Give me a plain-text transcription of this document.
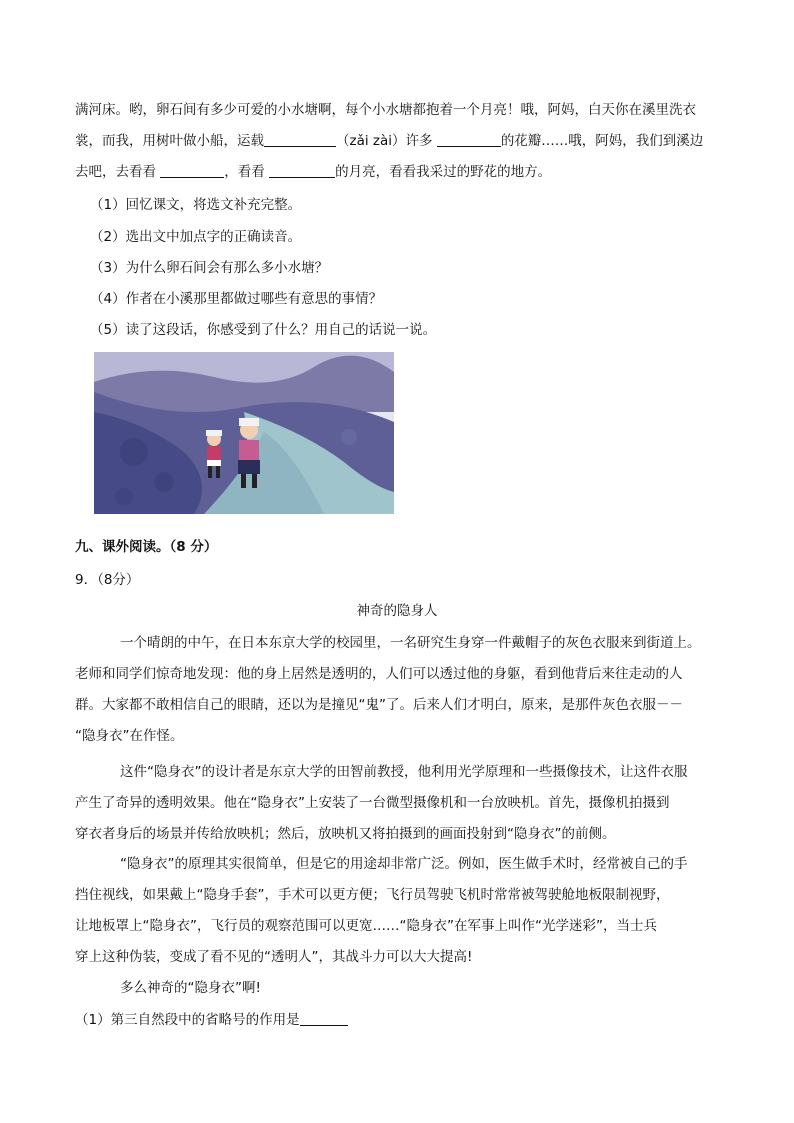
满河床。哟，卵石间有多少可爱的小水塘啊，每个小水塘都抱着一个月亮！哦，阿妈，白天你在溪里洗衣
裳，而我，用树叶做小船，运载	（zǎi zài）许多	的花瓣……哦，阿妈，我们到溪边
去吧，去看看	，看看	的月亮，看看我采过的野花的地方。
（1）回忆课文，将选文补充完整。
（2）选出文中加点字的正确读音。
（3）为什么卵石间会有那么多小水塘？
（4）作者在小溪那里都做过哪些有意思的事情？
（5）读了这段话，你感受到了什么？用自己的话说一说。
九、课外阅读。（8 分）
9．（8分）
神奇的隐身人
一个晴朗的中午，在日本东京大学的校园里，一名研究生身穿一件戴帽子的灰色衣服来到街道上。
老师和同学们惊奇地发现：他的身上居然是透明的，人们可以透过他的身躯，看到他背后来往走动的人
群。大家都不敢相信自己的眼睛，还以为是撞见“鬼”了。后来人们才明白，原来，是那件灰色衣服－－
“隐身衣”在作怪。
这件“隐身衣”的设计者是东京大学的田智前教授，他利用光学原理和一些摄像技术，让这件衣服
产生了奇异的透明效果。他在“隐身衣”上安装了一台微型摄像机和一台放映机。首先，摄像机拍摄到
穿衣者身后的场景并传给放映机；然后，放映机又将拍摄到的画面投射到“隐身衣”的前侧。
“隐身衣”的原理其实很简单，但是它的用途却非常广泛。例如，医生做手术时，经常被自己的手
挡住视线，如果戴上“隐身手套”，手术可以更方便；飞行员驾驶飞机时常常被驾驶舱地板限制视野，
让地板罩上“隐身衣”，飞行员的观察范围可以更宽……“隐身衣”在军事上叫作“光学迷彩”，当士兵
穿上这种伪装，变成了看不见的“透明人”，其战斗力可以大大提高!
多么神奇的“隐身衣”啊!
（1）第三自然段中的省略号的作用是
